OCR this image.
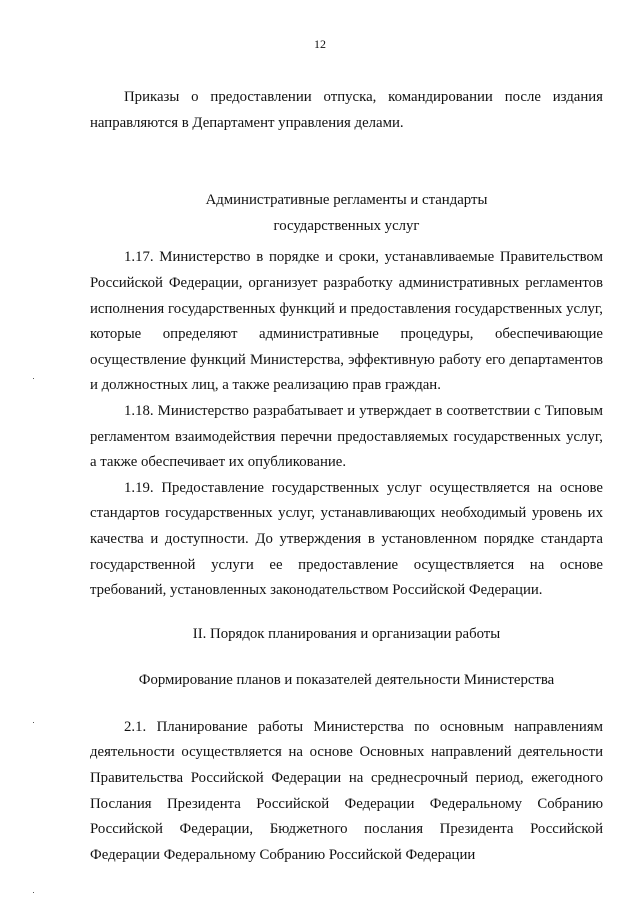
12

Приказы о предоставлении отпуска, командировании после издания направляются в Департамент управления делами.

Административные регламенты и стандарты

государственных услуг

1.17. Министерство в порядке и сроки, устанавливаемые Правительством Российской Федерации, организует разработку административных регламентов исполнения государственных функций и предоставления государственных услуг, которые определяют административные процедуры, обеспечивающие осуществление функций Министерства, эффективную работу его департаментов и должностных лиц, а также реализацию прав граждан.

1.18. Министерство разрабатывает и утверждает в соответствии с Типовым регламентом взаимодействия перечни предоставляемых государственных услуг, а также обеспечивает их опубликование.

1.19. Предоставление государственных услуг осуществляется на основе стандартов государственных услуг, устанавливающих необходимый уровень их качества и доступности. До утверждения в установленном порядке стандарта государственной услуги ее предоставление осуществляется на основе требований, установленных законодательством Российской Федерации.

II. Порядок планирования и организации работы

Формирование планов и показателей деятельности Министерства

2.1. Планирование работы Министерства по основным направлениям деятельности осуществляется на основе Основных направлений деятельности Правительства Российской Федерации на среднесрочный период, ежегодного Послания Президента Российской Федерации Федеральному Собранию Российской Федерации, Бюджетного послания Президента Российской Федерации Федеральному Собранию Российской Федерации
